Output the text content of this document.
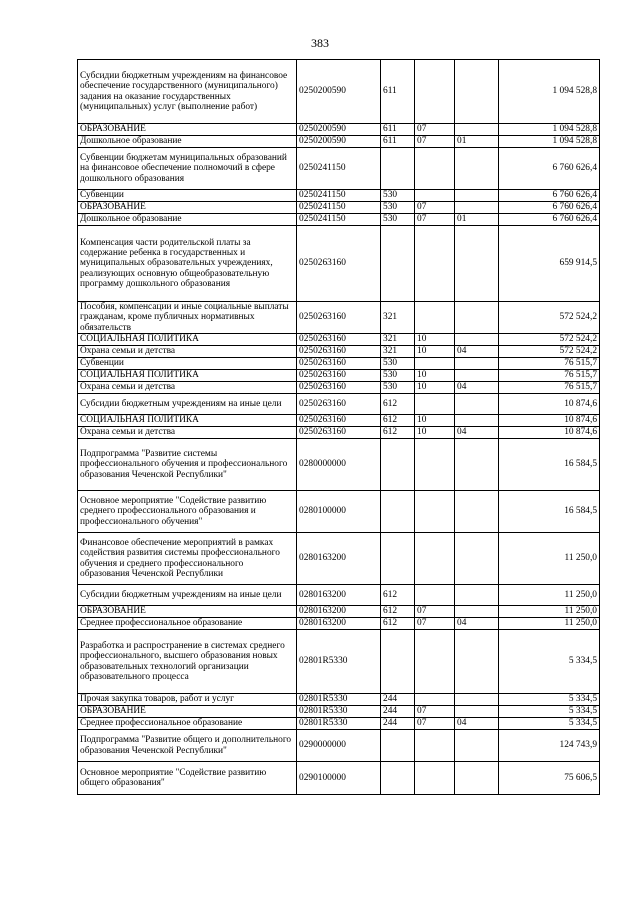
383
Субсидии бюджетным учреждениям на финансовое обеспечение государственного (муниципального) задания на оказание государственных (муниципальных) услуг (выполнение работ)	0250200590	611			1 094 528,8
ОБРАЗОВАНИЕ	0250200590	611	07		1 094 528,8
Дошкольное образование	0250200590	611	07	01	1 094 528,8
Субвенции бюджетам муниципальных образований на финансовое обеспечение полномочий в сфере дошкольного образования	0250241150				6 760 626,4
Субвенции	0250241150	530			6 760 626,4
ОБРАЗОВАНИЕ	0250241150	530	07		6 760 626,4
Дошкольное образование	0250241150	530	07	01	6 760 626,4
Компенсация части родительской платы за содержание ребенка в государственных и муниципальных образовательных учреждениях, реализующих основную общеобразовательную программу дошкольного образования	0250263160				659 914,5
Пособия, компенсации и иные социальные выплаты гражданам, кроме публичных нормативных обязательств	0250263160	321			572 524,2
СОЦИАЛЬНАЯ ПОЛИТИКА	0250263160	321	10		572 524,2
Охрана семьи и детства	0250263160	321	10	04	572 524,2
Субвенции	0250263160	530			76 515,7
СОЦИАЛЬНАЯ ПОЛИТИКА	0250263160	530	10		76 515,7
Охрана семьи и детства	0250263160	530	10	04	76 515,7
Субсидии бюджетным учреждениям на иные цели	0250263160	612			10 874,6
СОЦИАЛЬНАЯ ПОЛИТИКА	0250263160	612	10		10 874,6
Охрана семьи и детства	0250263160	612	10	04	10 874,6
Подпрограмма "Развитие системы профессионального обучения и профессионального образования Чеченской Республики"	0280000000				16 584,5
Основное мероприятие "Содействие развитию среднего профессионального образования и профессионального обучения"	0280100000				16 584,5
Финансовое обеспечение мероприятий в рамках содействия развития системы профессионального обучения и среднего профессионального образования Чеченской Республики	0280163200				11 250,0
Субсидии бюджетным учреждениям на иные цели	0280163200	612			11 250,0
ОБРАЗОВАНИЕ	0280163200	612	07		11 250,0
Среднее профессиональное образование	0280163200	612	07	04	11 250,0
Разработка и распространение в системах среднего профессионального, высшего образования новых образовательных технологий организации образовательного процесса	02801R5330				5 334,5
Прочая закупка товаров, работ и услуг	02801R5330	244			5 334,5
ОБРАЗОВАНИЕ	02801R5330	244	07		5 334,5
Среднее профессиональное образование	02801R5330	244	07	04	5 334,5
Подпрограмма "Развитие общего и дополнительного образования Чеченской Республики"	0290000000				124 743,9
Основное мероприятие "Содействие развитию общего образования"	0290100000				75 606,5
